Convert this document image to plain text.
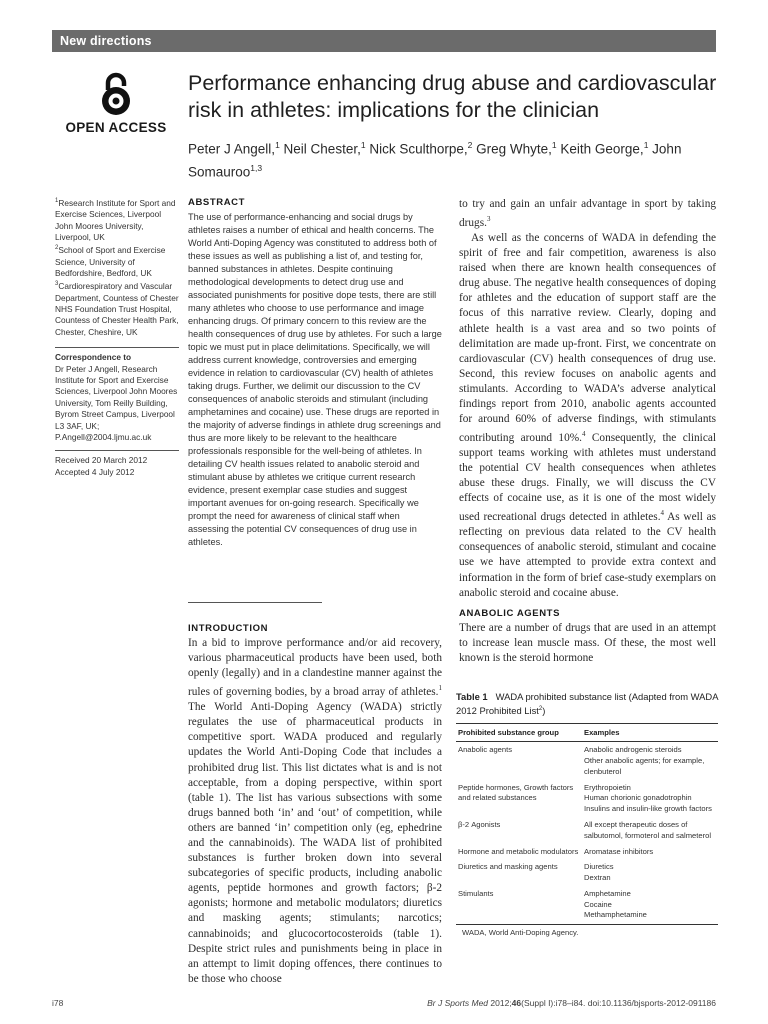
New directions
OPEN ACCESS
Performance enhancing drug abuse and cardiovascular risk in athletes: implications for the clinician
Peter J Angell,$^1$ Neil Chester,$^1$ Nick Sculthorpe,$^2$ Greg Whyte,$^1$ Keith George,$^1$ John Somauroo$^{1,3}$
$^1$Research Institute for Sport and Exercise Sciences, Liverpool John Moores University, Liverpool, UK
$^2$School of Sport and Exercise Science, University of Bedfordshire, Bedford, UK
$^3$Cardiorespiratory and Vascular Department, Countess of Chester NHS Foundation Trust Hospital, Countess of Chester Health Park, Chester, Cheshire, UK
Correspondence to
Dr Peter J Angell, Research Institute for Sport and Exercise Sciences, Liverpool John Moores University, Tom Reilly Building, Byrom Street Campus, Liverpool L3 3AF, UK; P.Angell@2004.ljmu.ac.uk
Received 20 March 2012
Accepted 4 July 2012
ABSTRACT

The use of performance-enhancing and social drugs by athletes raises a number of ethical and health concerns. The World Anti-Doping Agency was constituted to address both of these issues as well as publishing a list of, and testing for, banned substances in athletes. Despite continuing methodological developments to detect drug use and associated punishments for positive dope tests, there are still many athletes who choose to use performance and image enhancing drugs. Of primary concern to this review are the health consequences of drug use by athletes. For such a large topic we must put in place delimitations. Specifically, we will address current knowledge, controversies and emerging evidence in relation to cardiovascular (CV) health of athletes taking drugs. Further, we delimit our discussion to the CV consequences of anabolic steroids and stimulant (including amphetamines and cocaine) use. These drugs are reported in the majority of adverse findings in athlete drug screenings and thus are more likely to be relevant to the healthcare professionals responsible for the well-being of athletes. In detailing CV health issues related to anabolic steroid and stimulant abuse by athletes we critique current research evidence, present exemplar case studies and suggest important avenues for on-going research. Specifically we prompt the need for awareness of clinical staff when assessing the potential CV consequences of drug use in athletes.

INTRODUCTION

In a bid to improve performance and/or aid recovery, various pharmaceutical products have been used, both openly (legally) and in a clandestine manner against the rules of governing bodies, by a broad array of athletes.$^1$ The World Anti-Doping Agency (WADA) strictly regulates the use of pharmaceutical products in competitive sport. WADA produced and regularly updates the World Anti-Doping Code that includes a prohibited drug list. This list dictates what is and is not acceptable, from a doping perspective, within sport (table 1). The list has various subsections with some drugs banned both ‘in’ and ‘out’ of competition, while others are banned ‘in’ competition only (eg, ephedrine and the cannabinoids). The WADA list of prohibited substances is further broken down into several subcategories of specific products, including anabolic agents, peptide hormones and growth factors; β-2 agonists; hormone and metabolic modulators; diuretics and masking agents; stimulants; narcotics; cannabinoids; and glucocortocosteroids (table 1). Despite strict rules and punishments being in place in an attempt to limit doping offences, there continues to be those who choose

to try and gain an unfair advantage in sport by taking drugs.$^3$

As well as the concerns of WADA in defending the spirit of free and fair competition, awareness is also raised when there are known health consequences of drug abuse. The negative health consequences of doping for athletes and the education of support staff are the focus of this narrative review. Clearly, doping and athlete health is a vast area and so two points of delimitation are made up-front. First, we concentrate on cardiovascular (CV) health consequences of drug use. Second, this review focuses on anabolic agents and stimulants. According to WADA’s adverse analytical findings report from 2010, anabolic agents accounted for around 60% of adverse findings, with stimulants contributing around 10%.$^4$ Consequently, the clinical support teams working with athletes must understand the potential CV health consequences when athletes abuse these drugs. Finally, we will discuss the CV effects of cocaine use, as it is one of the most widely used recreational drugs detected in athletes.$^4$ As well as reflecting on previous data related to the CV health consequences of anabolic steroid, stimulant and cocaine use we have attempted to provide extra context and information in the form of brief case-study exemplars on anabolic steroid and cocaine abuse.

ANABOLIC AGENTS

There are a number of drugs that are used in an attempt to increase lean muscle mass. Of these, the most well known is the steroid hormone

Table 1 WADA prohibited substance list (Adapted from WADA 2012 Prohibited List$^2$)
Prohibited substance group	Examples
Anabolic agents	Anabolic androgenic steroids
Other anabolic agents; for example, clenbuterol
Peptide hormones, Growth factors and related substances	Erythropoietin
Human chorionic gonadotrophin
Insulins and insulin-like growth factors
β-2 Agonists	All except therapeutic doses of salbutomol, formoterol and salmeterol
Hormone and metabolic modulators	Aromatase inhibitors
Diuretics and masking agents	Diuretics
Dextran
Stimulants	Amphetamine
Cocaine
Methamphetamine
WADA, World Anti-Doping Agency.
i78	Br J Sports Med 2012;46(Suppl I):i78–i84. doi:10.1136/bjsports-2012-091186
